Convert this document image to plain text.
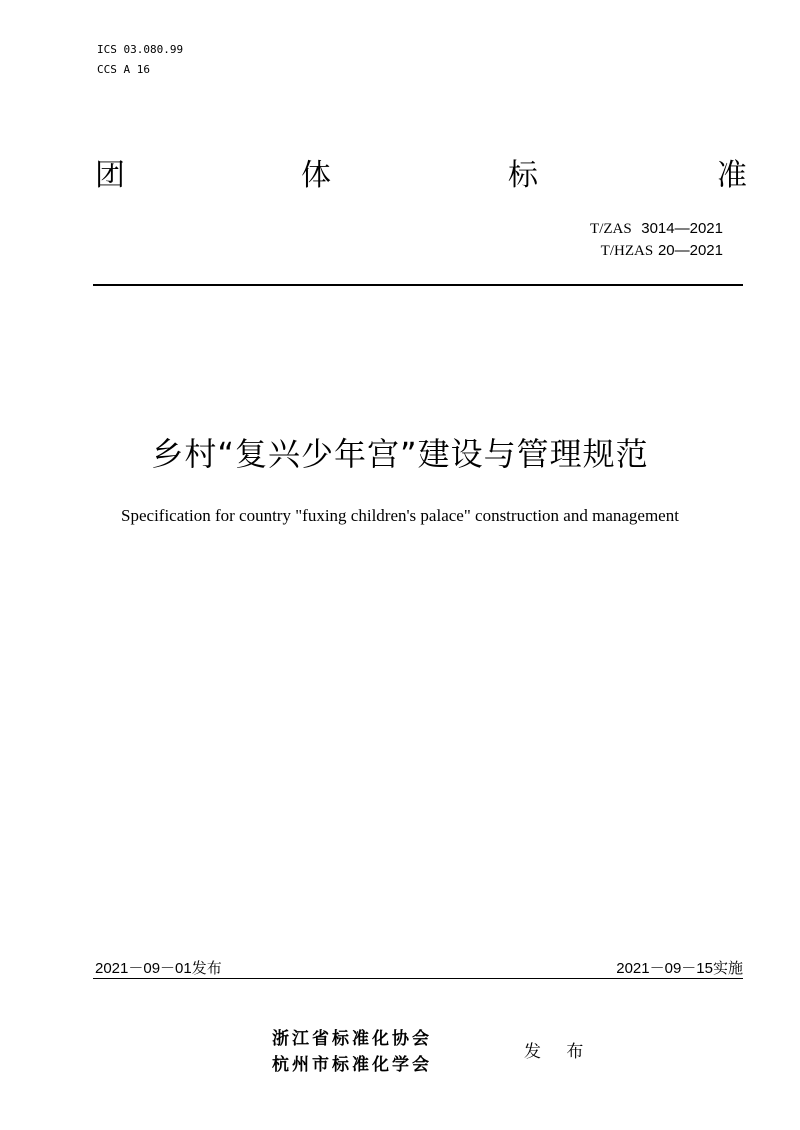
ICS 03.080.99
CCS A 16
团	体	标	准
T/ZAS 3014—2021
T/HZAS 20—2021
乡村“复兴少年宫”建设与管理规范
Specification for country "fuxing children's palace" construction and management
2021－09－01发布	2021－09－15实施
浙江省标准化协会
杭州市标准化学会
发 布
